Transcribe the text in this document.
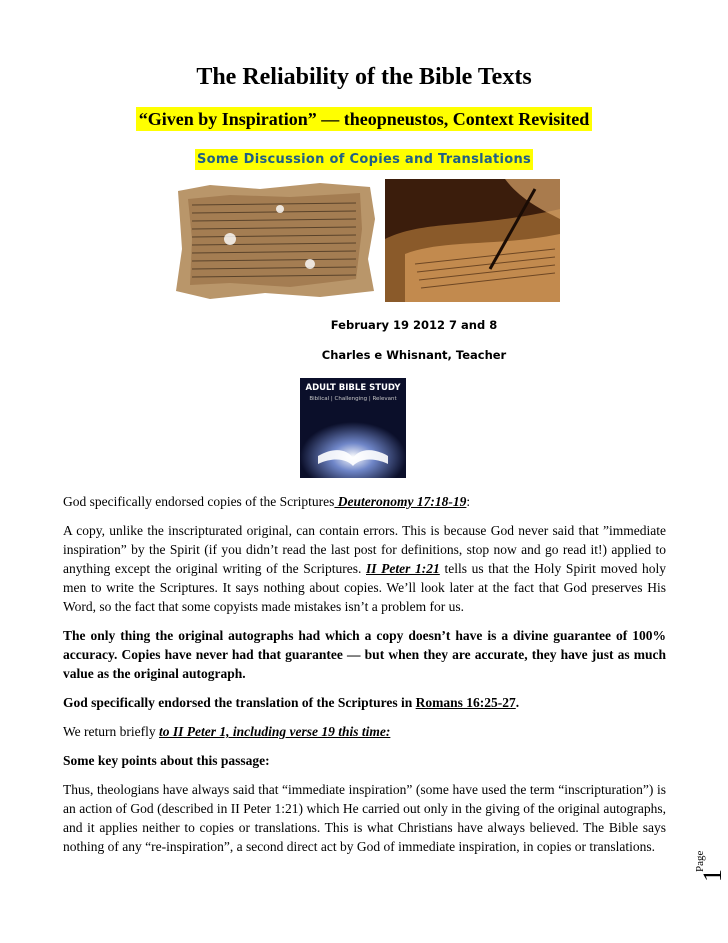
The Reliability of the Bible Texts
“Given by Inspiration” — theopneustos, Context Revisited
Some Discussion of Copies and Translations
February 19 2012 7 and 8
Charles e Whisnant, Teacher
ADULT BIBLE STUDY
Biblical | Challenging | Relevant

God specifically endorsed copies of the Scriptures Deuteronomy 17:18-19:

A copy, unlike the inscripturated original, can contain errors. This is because God never said that ”immediate inspiration” by the Spirit (if you didn’t read the last post for definitions, stop now and go read it!) applied to anything except the original writing of the Scriptures. II Peter 1:21 tells us that the Holy Spirit moved holy men to write the Scriptures. It says nothing about copies. We’ll look later at the fact that God preserves His Word, so the fact that some copyists made mistakes isn’t a problem for us.

The only thing the original autographs had which a copy doesn’t have is a divine guarantee of 100% accuracy. Copies have never had that guarantee — but when they are accurate, they have just as much value as the original autograph.

God specifically endorsed the translation of the Scriptures in Romans 16:25-27.

We return briefly to II Peter 1, including verse 19 this time:

Some key points about this passage:

Thus, theologians have always said that “immediate inspiration” (some have used the term “inscripturation”) is an action of God (described in II Peter 1:21) which He carried out only in the giving of the original autographs, and it applies neither to copies or translations. This is what Christians have always believed. The Bible says nothing of any “re-inspiration”, a second direct act by God of immediate inspiration, in copies or translations.

Page
1
